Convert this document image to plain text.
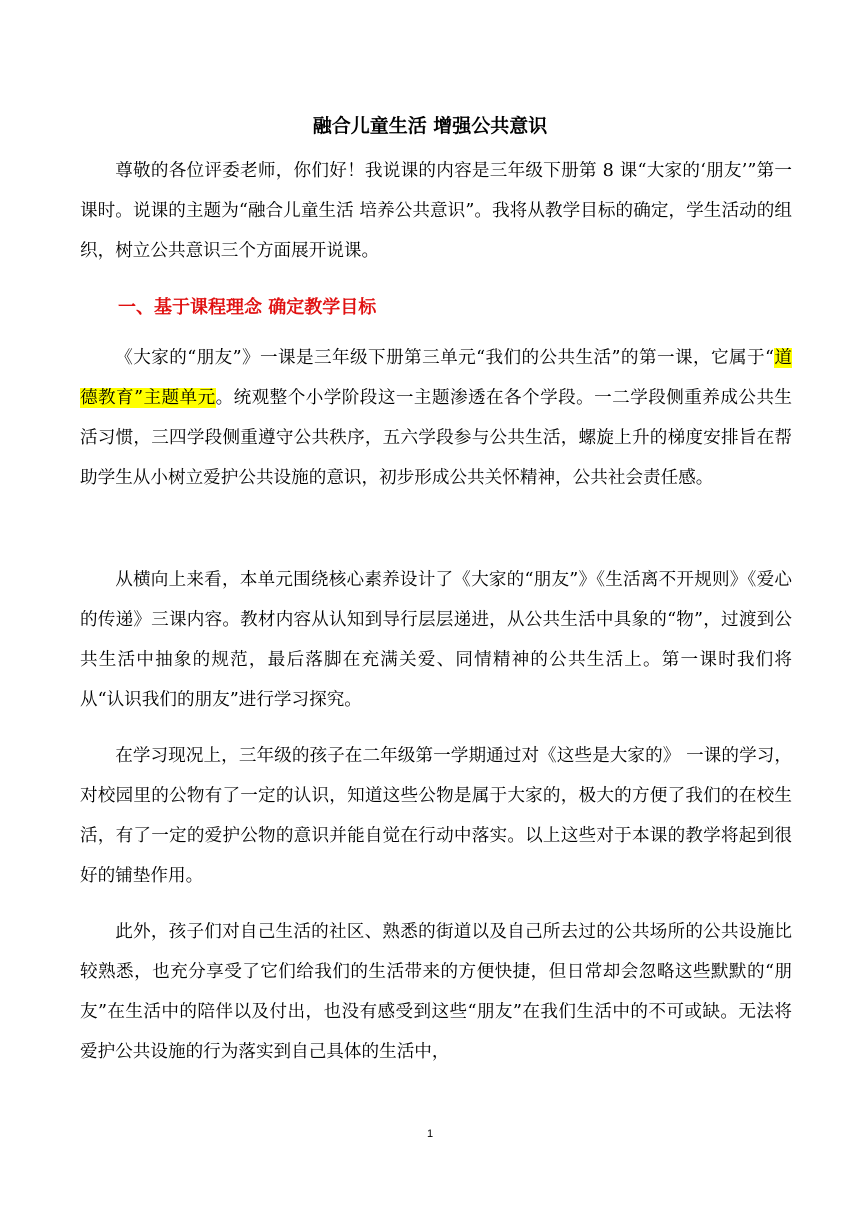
融合儿童生活 增强公共意识
尊敬的各位评委老师，你们好！我说课的内容是三年级下册第 8 课“大家的‘朋友’”第一课时。说课的主题为“融合儿童生活 培养公共意识”。我将从教学目标的确定，学生活动的组织，树立公共意识三个方面展开说课。
一、基于课程理念 确定教学目标
《大家的“朋友”》一课是三年级下册第三单元“我们的公共生活”的第一课，它属于“道德教育”主题单元。统观整个小学阶段这一主题渗透在各个学段。一二学段侧重养成公共生活习惯，三四学段侧重遵守公共秩序，五六学段参与公共生活，螺旋上升的梯度安排旨在帮助学生从小树立爱护公共设施的意识，初步形成公共关怀精神，公共社会责任感。
从横向上来看，本单元围绕核心素养设计了《大家的“朋友”》《生活离不开规则》《爱心的传递》三课内容。教材内容从认知到导行层层递进，从公共生活中具象的“物”，过渡到公共生活中抽象的规范，最后落脚在充满关爱、同情精神的公共生活上。第一课时我们将从“认识我们的朋友”进行学习探究。
在学习现况上，三年级的孩子在二年级第一学期通过对《这些是大家的》 一课的学习，对校园里的公物有了一定的认识，知道这些公物是属于大家的，极大的方便了我们的在校生活，有了一定的爱护公物的意识并能自觉在行动中落实。以上这些对于本课的教学将起到很好的铺垫作用。
此外，孩子们对自己生活的社区、熟悉的街道以及自己所去过的公共场所的公共设施比较熟悉，也充分享受了它们给我们的生活带来的方便快捷，但日常却会忽略这些默默的“朋友”在生活中的陪伴以及付出，也没有感受到这些“朋友”在我们生活中的不可或缺。无法将爱护公共设施的行为落实到自己具体的生活中，
1
